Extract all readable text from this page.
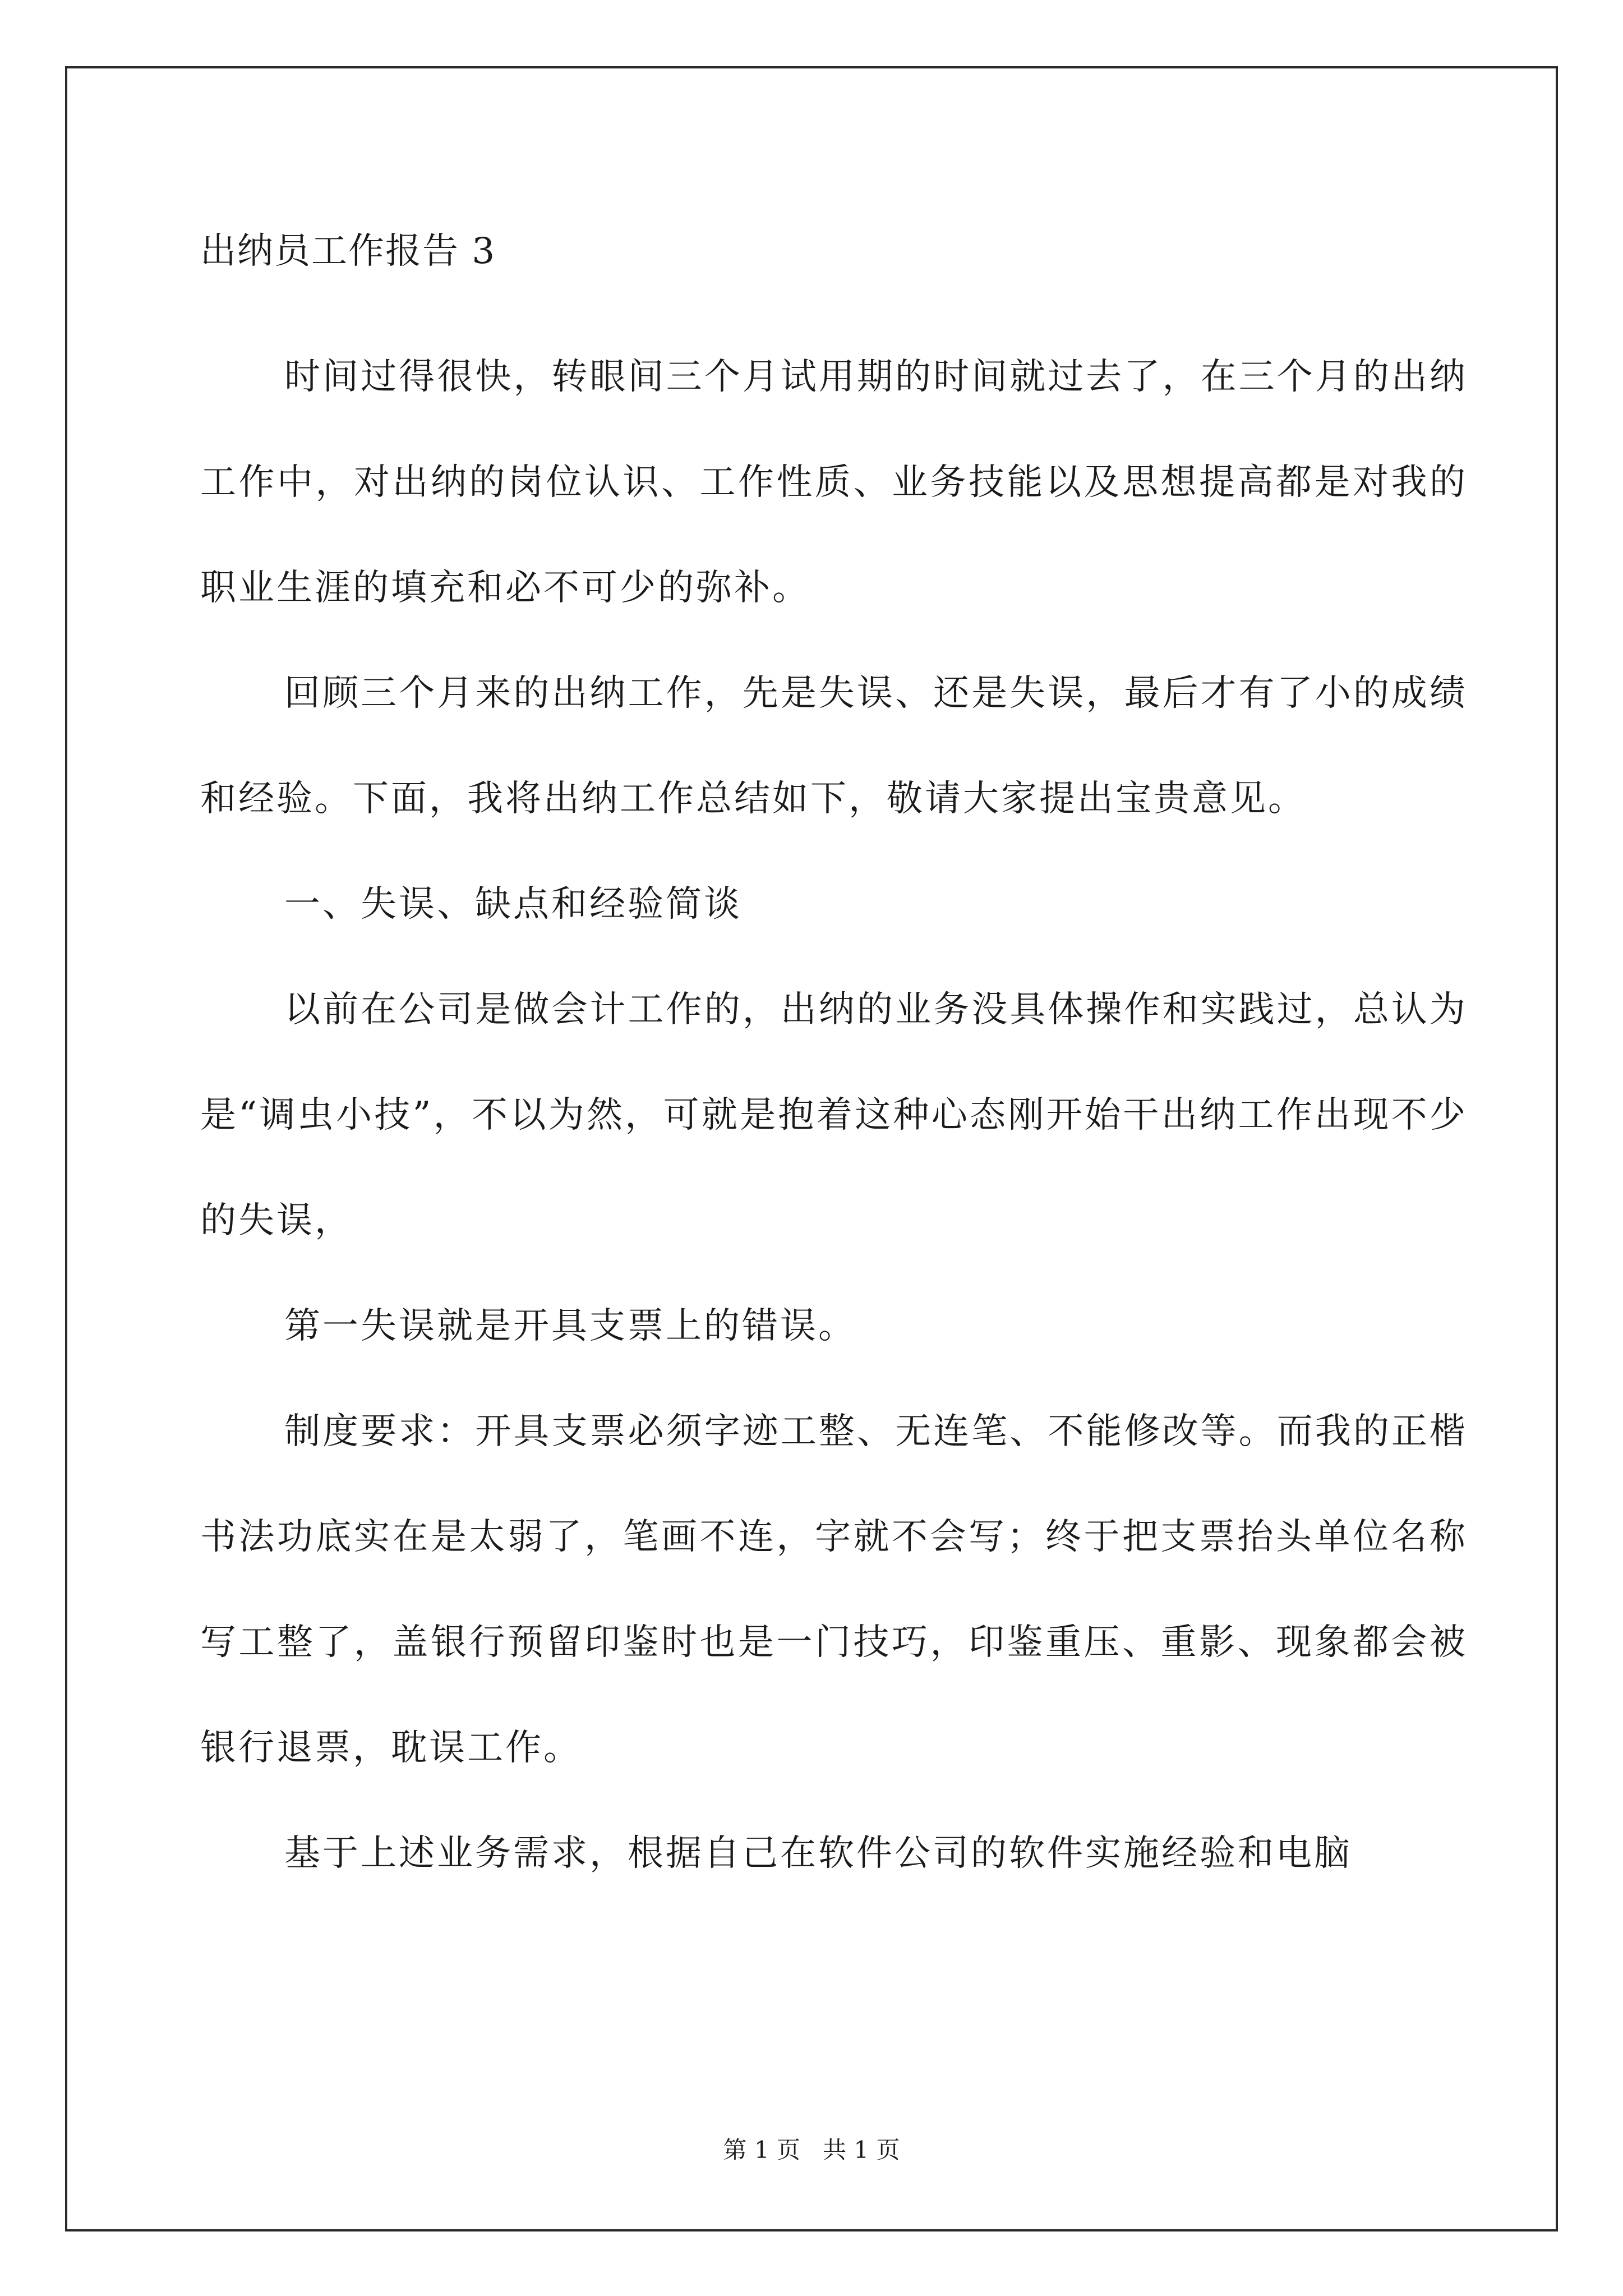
出纳员工作报告 3

时间过得很快，转眼间三个月试用期的时间就过去了，在三个月的出纳工作中，对出纳的岗位认识、工作性质、业务技能以及思想提高都是对我的职业生涯的填充和必不可少的弥补。

回顾三个月来的出纳工作，先是失误、还是失误，最后才有了小的成绩和经验。下面，我将出纳工作总结如下，敬请大家提出宝贵意见。

一、失误、缺点和经验简谈

以前在公司是做会计工作的，出纳的业务没具体操作和实践过，总认为是“调虫小技”，不以为然，可就是抱着这种心态刚开始干出纳工作出现不少的失误，

第一失误就是开具支票上的错误。

制度要求：开具支票必须字迹工整、无连笔、不能修改等。而我的正楷书法功底实在是太弱了，笔画不连，字就不会写；终于把支票抬头单位名称写工整了，盖银行预留印鉴时也是一门技巧，印鉴重压、重影、现象都会被银行退票，耽误工作。

基于上述业务需求，根据自己在软件公司的软件实施经验和电脑

第 1 页   共 1 页
